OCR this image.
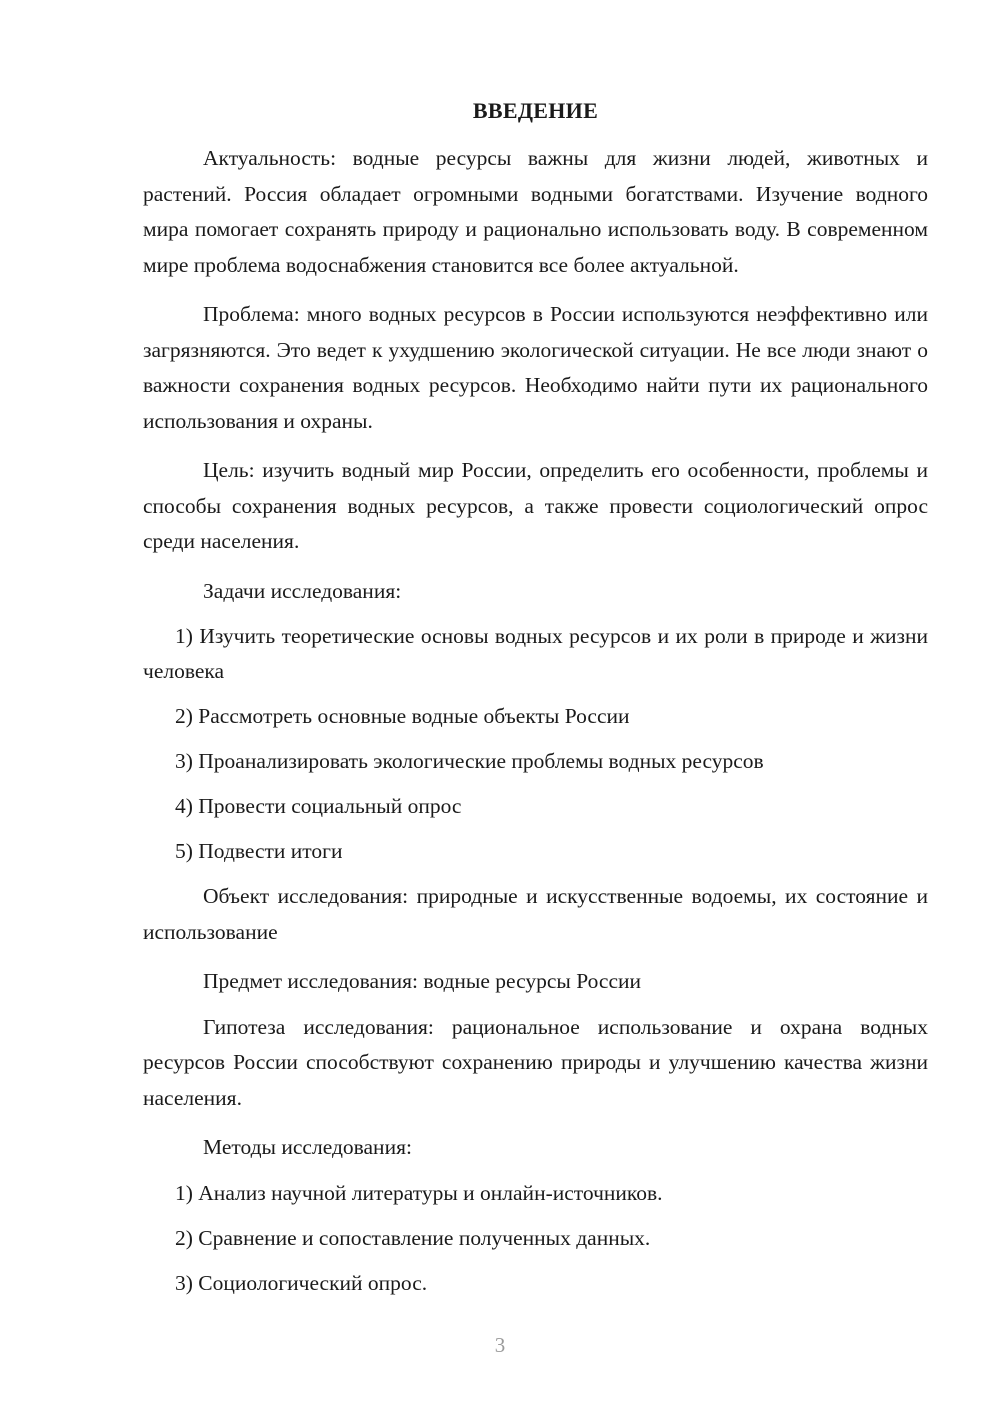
ВВЕДЕНИЕ

Актуальность: водные ресурсы важны для жизни людей, животных и растений. Россия обладает огромными водными богатствами. Изучение водного мира помогает сохранять природу и рационально использовать воду. В современном мире проблема водоснабжения становится все более актуальной.

Проблема: много водных ресурсов в России используются неэффективно или загрязняются. Это ведет к ухудшению экологической ситуации. Не все люди знают о важности сохранения водных ресурсов. Необходимо найти пути их рационального использования и охраны.

Цель: изучить водный мир России, определить его особенности, проблемы и способы сохранения водных ресурсов, а также провести социологический опрос среди населения.

Задачи исследования:

1) Изучить теоретические основы водных ресурсов и их роли в природе и жизни человека

2) Рассмотреть основные водные объекты России

3) Проанализировать экологические проблемы водных ресурсов

4) Провести социальный опрос

5) Подвести итоги

Объект исследования: природные и искусственные водоемы, их состояние и использование

Предмет исследования: водные ресурсы России

Гипотеза исследования: рациональное использование и охрана водных ресурсов России способствуют сохранению природы и улучшению качества жизни населения.

Методы исследования:

1) Анализ научной литературы и онлайн-источников.

2) Сравнение и сопоставление полученных данных.

3) Социологический опрос.

3
